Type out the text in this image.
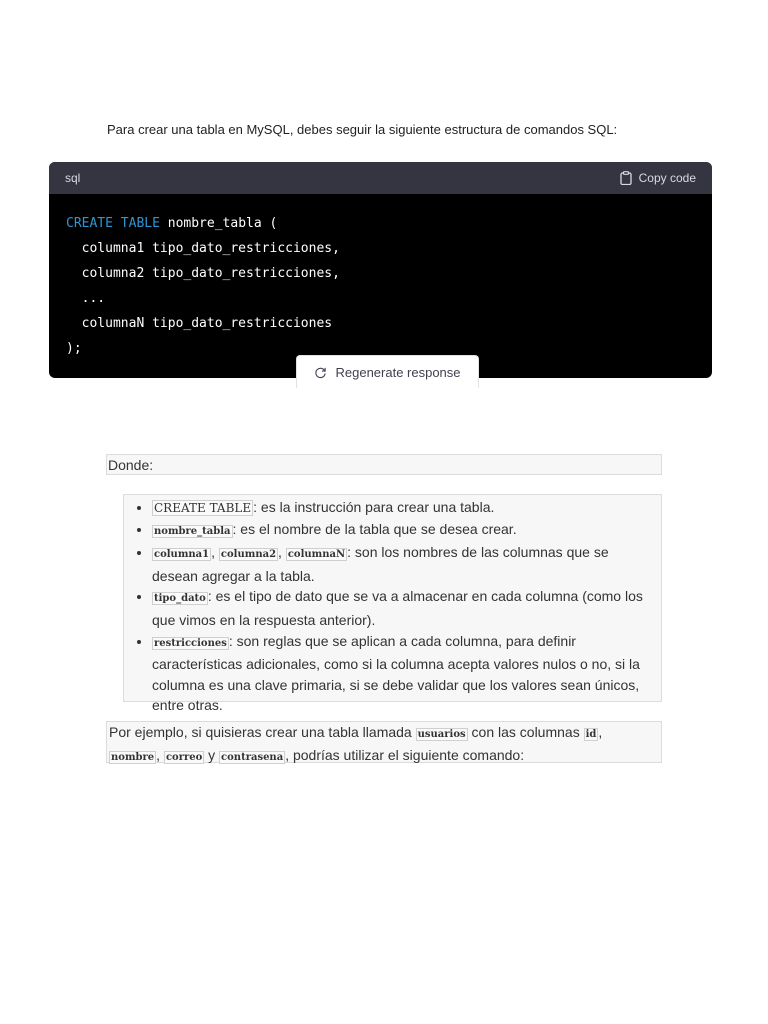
Para crear una tabla en MySQL, debes seguir la siguiente estructura de comandos SQL:

sql	Copy code
CREATE TABLE nombre_tabla (
columna1 tipo_dato_restricciones,
columna2 tipo_dato_restricciones,
...
columnaN tipo_dato_restricciones
);
Regenerate response
Donde:
• CREATE TABLE : es la instrucción para crear una tabla.
• nombre_tabla : es el nombre de la tabla que se desea crear.
• columna1 , columna2 , columnaN : son los nombres de las columnas que se desean agregar a la tabla.
• tipo_dato : es el tipo de dato que se va a almacenar en cada columna (como los que vimos en la respuesta anterior).
• restricciones : son reglas que se aplican a cada columna, para definir características adicionales, como si la columna acepta valores nulos o no, si la columna es una clave primaria, si se debe validar que los valores sean únicos, entre otras.
Por ejemplo, si quisieras crear una tabla llamada usuarios con las columnas id ,
nombre , correo y contrasena , podrías utilizar el siguiente comando:
